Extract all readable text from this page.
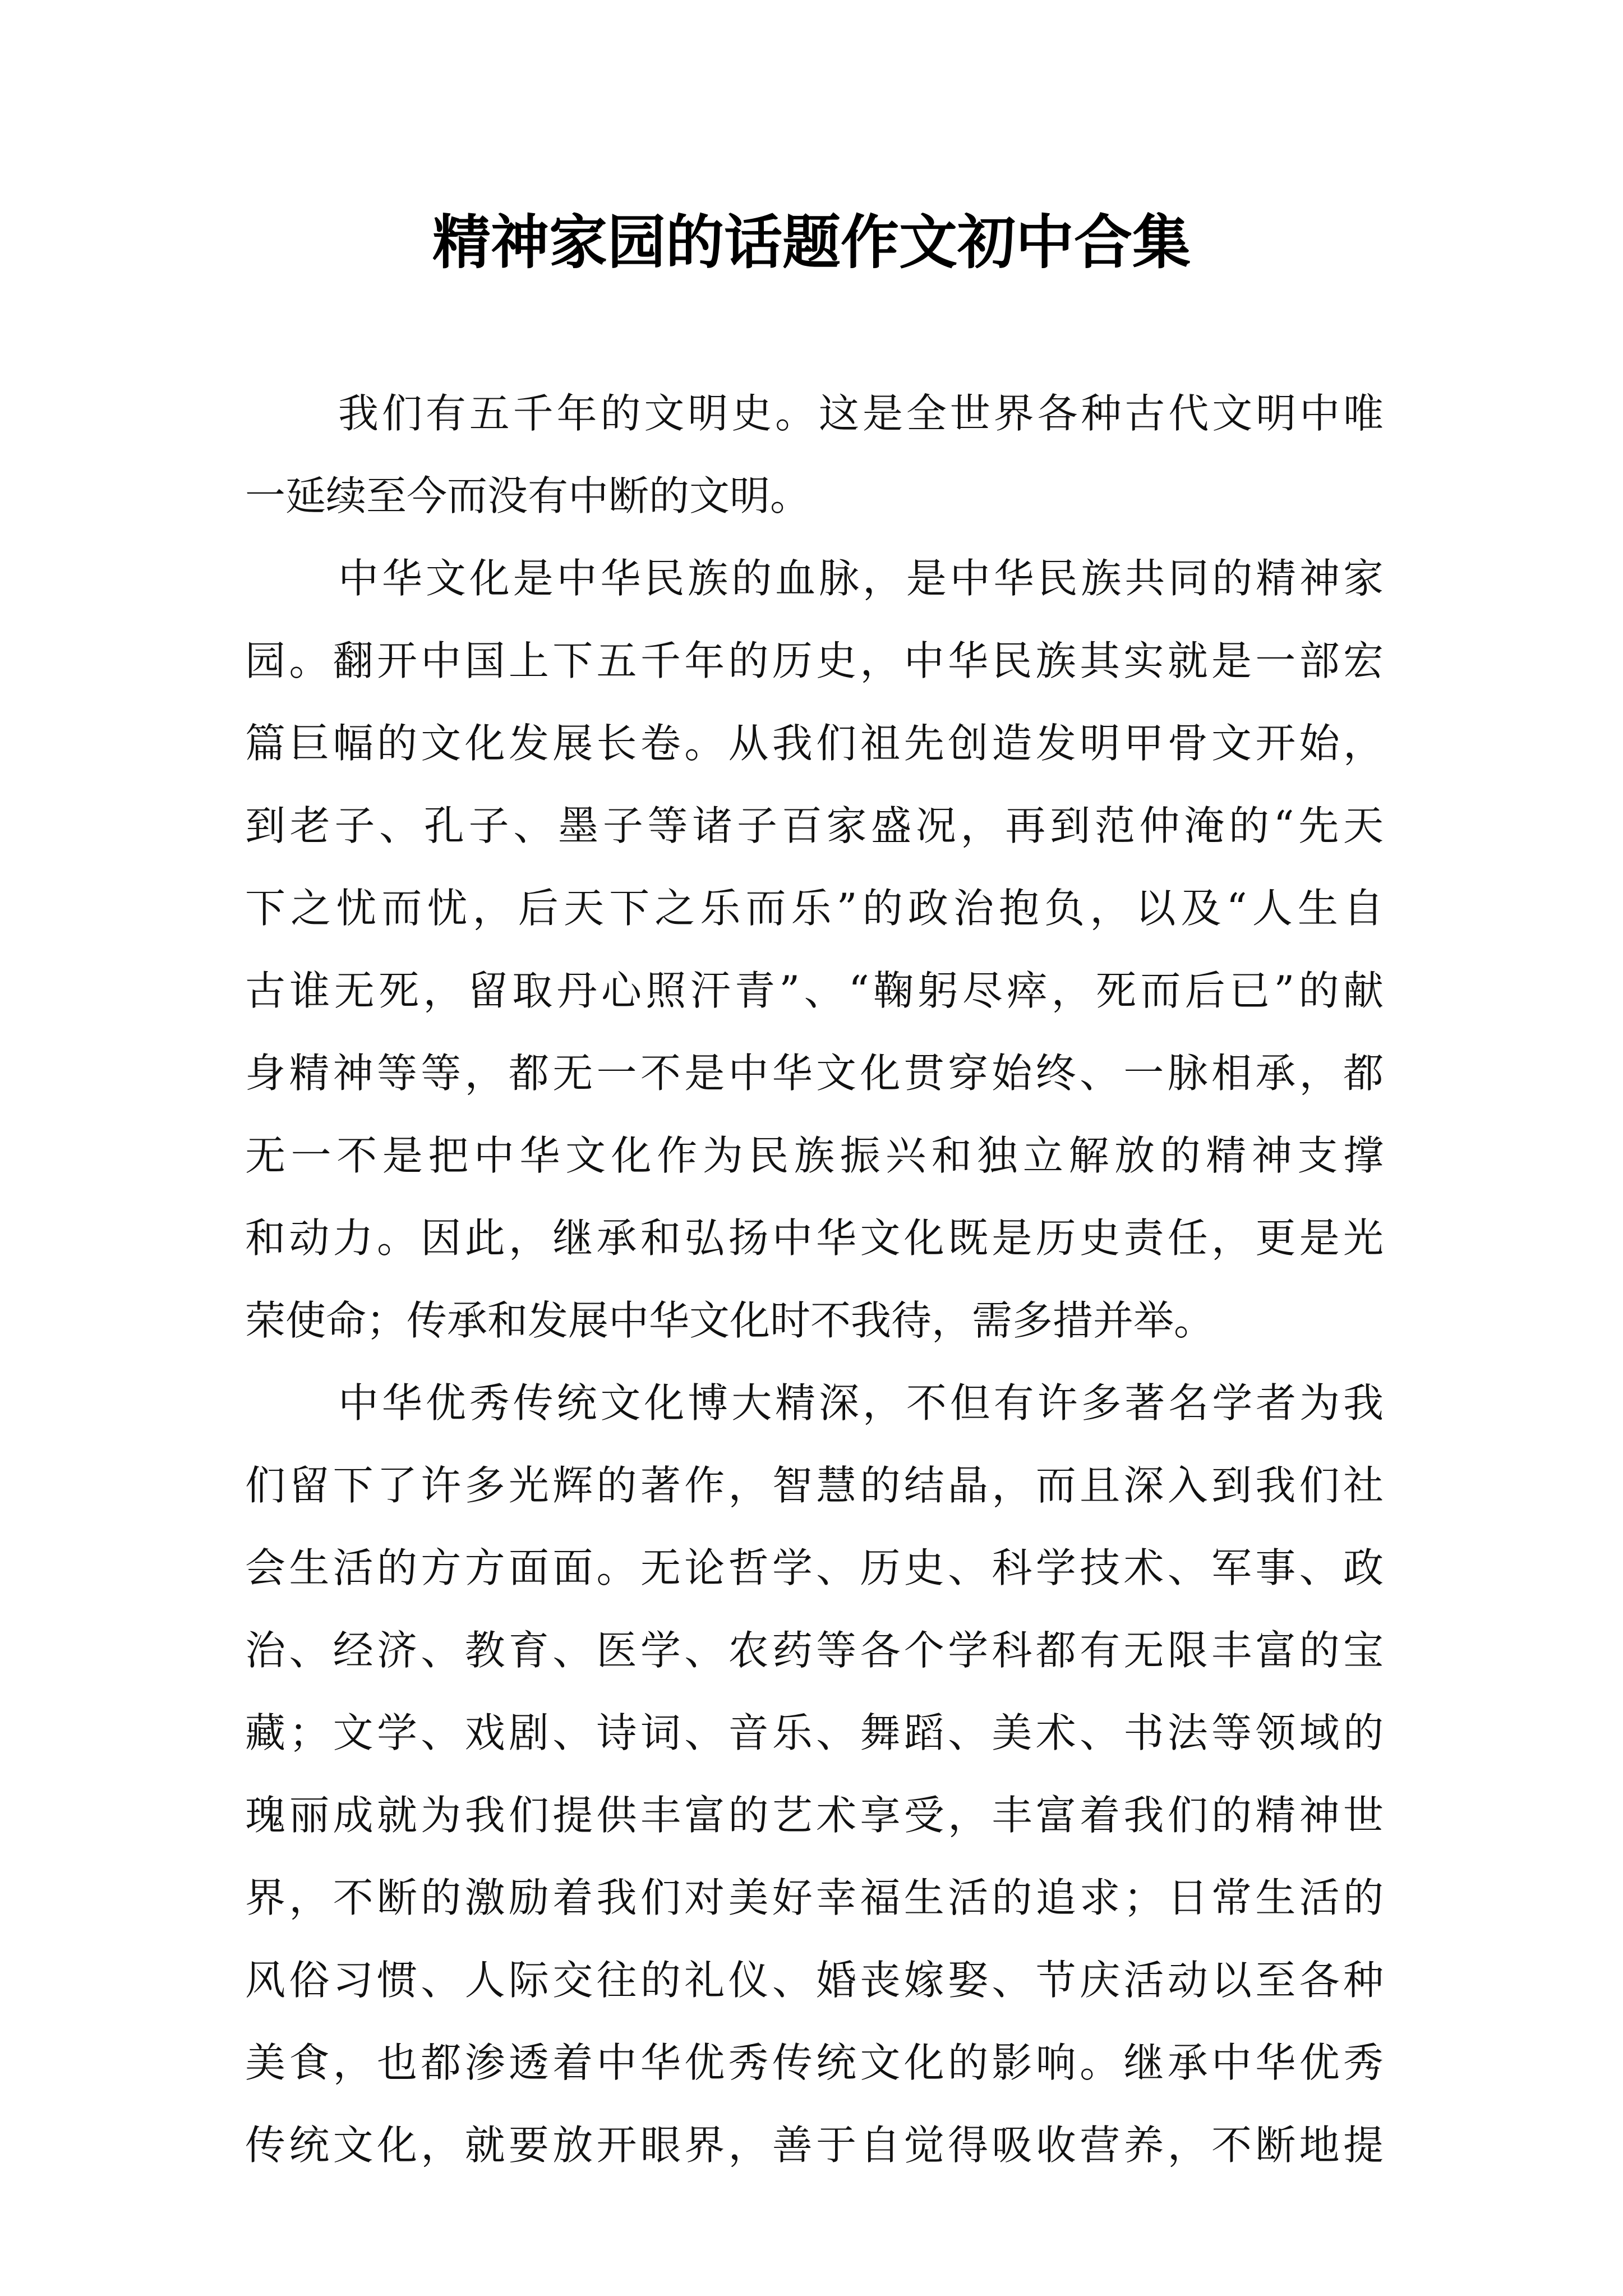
精神家园的话题作文初中合集
我们有五千年的文明史。这是全世界各种古代文明中唯
一延续至今而没有中断的文明。
中华文化是中华民族的血脉，是中华民族共同的精神家
园。翻开中国上下五千年的历史，中华民族其实就是一部宏
篇巨幅的文化发展长卷。从我们祖先创造发明甲骨文开始，
到老子、孔子、墨子等诸子百家盛况，再到范仲淹的“先天
下之忧而忧，后天下之乐而乐”的政治抱负，以及“人生自
古谁无死，留取丹心照汗青”、“鞠躬尽瘁，死而后已”的献
身精神等等，都无一不是中华文化贯穿始终、一脉相承，都
无一不是把中华文化作为民族振兴和独立解放的精神支撑
和动力。因此，继承和弘扬中华文化既是历史责任，更是光
荣使命；传承和发展中华文化时不我待，需多措并举。
中华优秀传统文化博大精深，不但有许多著名学者为我
们留下了许多光辉的著作，智慧的结晶，而且深入到我们社
会生活的方方面面。无论哲学、历史、科学技术、军事、政
治、经济、教育、医学、农药等各个学科都有无限丰富的宝
藏；文学、戏剧、诗词、音乐、舞蹈、美术、书法等领域的
瑰丽成就为我们提供丰富的艺术享受，丰富着我们的精神世
界，不断的激励着我们对美好幸福生活的追求；日常生活的
风俗习惯、人际交往的礼仪、婚丧嫁娶、节庆活动以至各种
美食，也都渗透着中华优秀传统文化的影响。继承中华优秀
传统文化，就要放开眼界，善于自觉得吸收营养，不断地提
